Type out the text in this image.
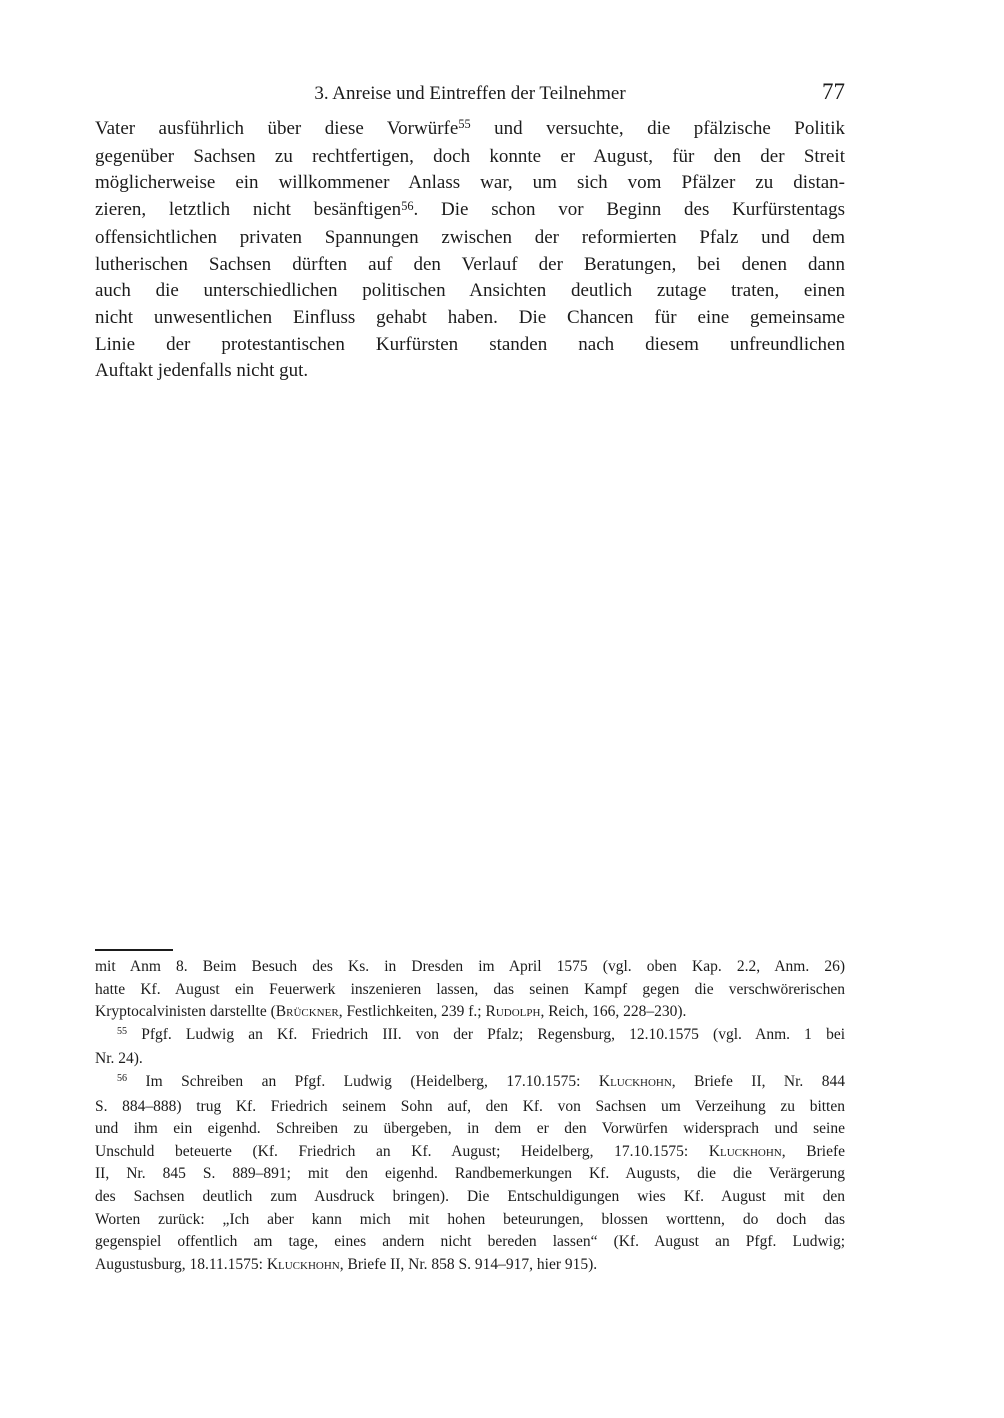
3. Anreise und Eintreffen der Teilnehmer	77
Vater ausführlich über diese Vorwürfe$^{55}$ und versuchte, die pfälzische Politik
gegenüber Sachsen zu rechtfertigen, doch konnte er August, für den der Streit
möglicherweise ein willkommener Anlass war, um sich vom Pfälzer zu distan-
zieren, letztlich nicht besänftigen$^{56}$. Die schon vor Beginn des Kurfürstentags
offensichtlichen privaten Spannungen zwischen der reformierten Pfalz und dem
lutherischen Sachsen dürften auf den Verlauf der Beratungen, bei denen dann
auch die unterschiedlichen politischen Ansichten deutlich zutage traten, einen
nicht unwesentlichen Einfluss gehabt haben. Die Chancen für eine gemeinsame
Linie der protestantischen Kurfürsten standen nach diesem unfreundlichen
Auftakt jedenfalls nicht gut.
mit Anm 8. Beim Besuch des Ks. in Dresden im April 1575 (vgl. oben Kap. 2.2, Anm. 26)
hatte Kf. August ein Feuerwerk inszenieren lassen, das seinen Kampf gegen die verschwörerischen
Kryptocalvinisten darstellte (Brückner, Festlichkeiten, 239 f.; Rudolph, Reich, 166, 228–230).
$^{55}$ Pfgf. Ludwig an Kf. Friedrich III. von der Pfalz; Regensburg, 12.10.1575 (vgl. Anm. 1 bei
Nr. 24).
$^{56}$ Im Schreiben an Pfgf. Ludwig (Heidelberg, 17.10.1575: Kluckhohn, Briefe II, Nr. 844
S. 884–888) trug Kf. Friedrich seinem Sohn auf, den Kf. von Sachsen um Verzeihung zu bitten
und ihm ein eigenhd. Schreiben zu übergeben, in dem er den Vorwürfen widersprach und seine
Unschuld beteuerte (Kf. Friedrich an Kf. August; Heidelberg, 17.10.1575: Kluckhohn, Briefe
II, Nr. 845 S. 889–891; mit den eigenhd. Randbemerkungen Kf. Augusts, die die Verärgerung
des Sachsen deutlich zum Ausdruck bringen). Die Entschuldigungen wies Kf. August mit den
Worten zurück: „Ich aber kann mich mit hohen beteurungen, blossen worttenn, do doch das
gegenspiel offentlich am tage, eines andern nicht bereden lassen“ (Kf. August an Pfgf. Ludwig;
Augustusburg, 18.11.1575: Kluckhohn, Briefe II, Nr. 858 S. 914–917, hier 915).
